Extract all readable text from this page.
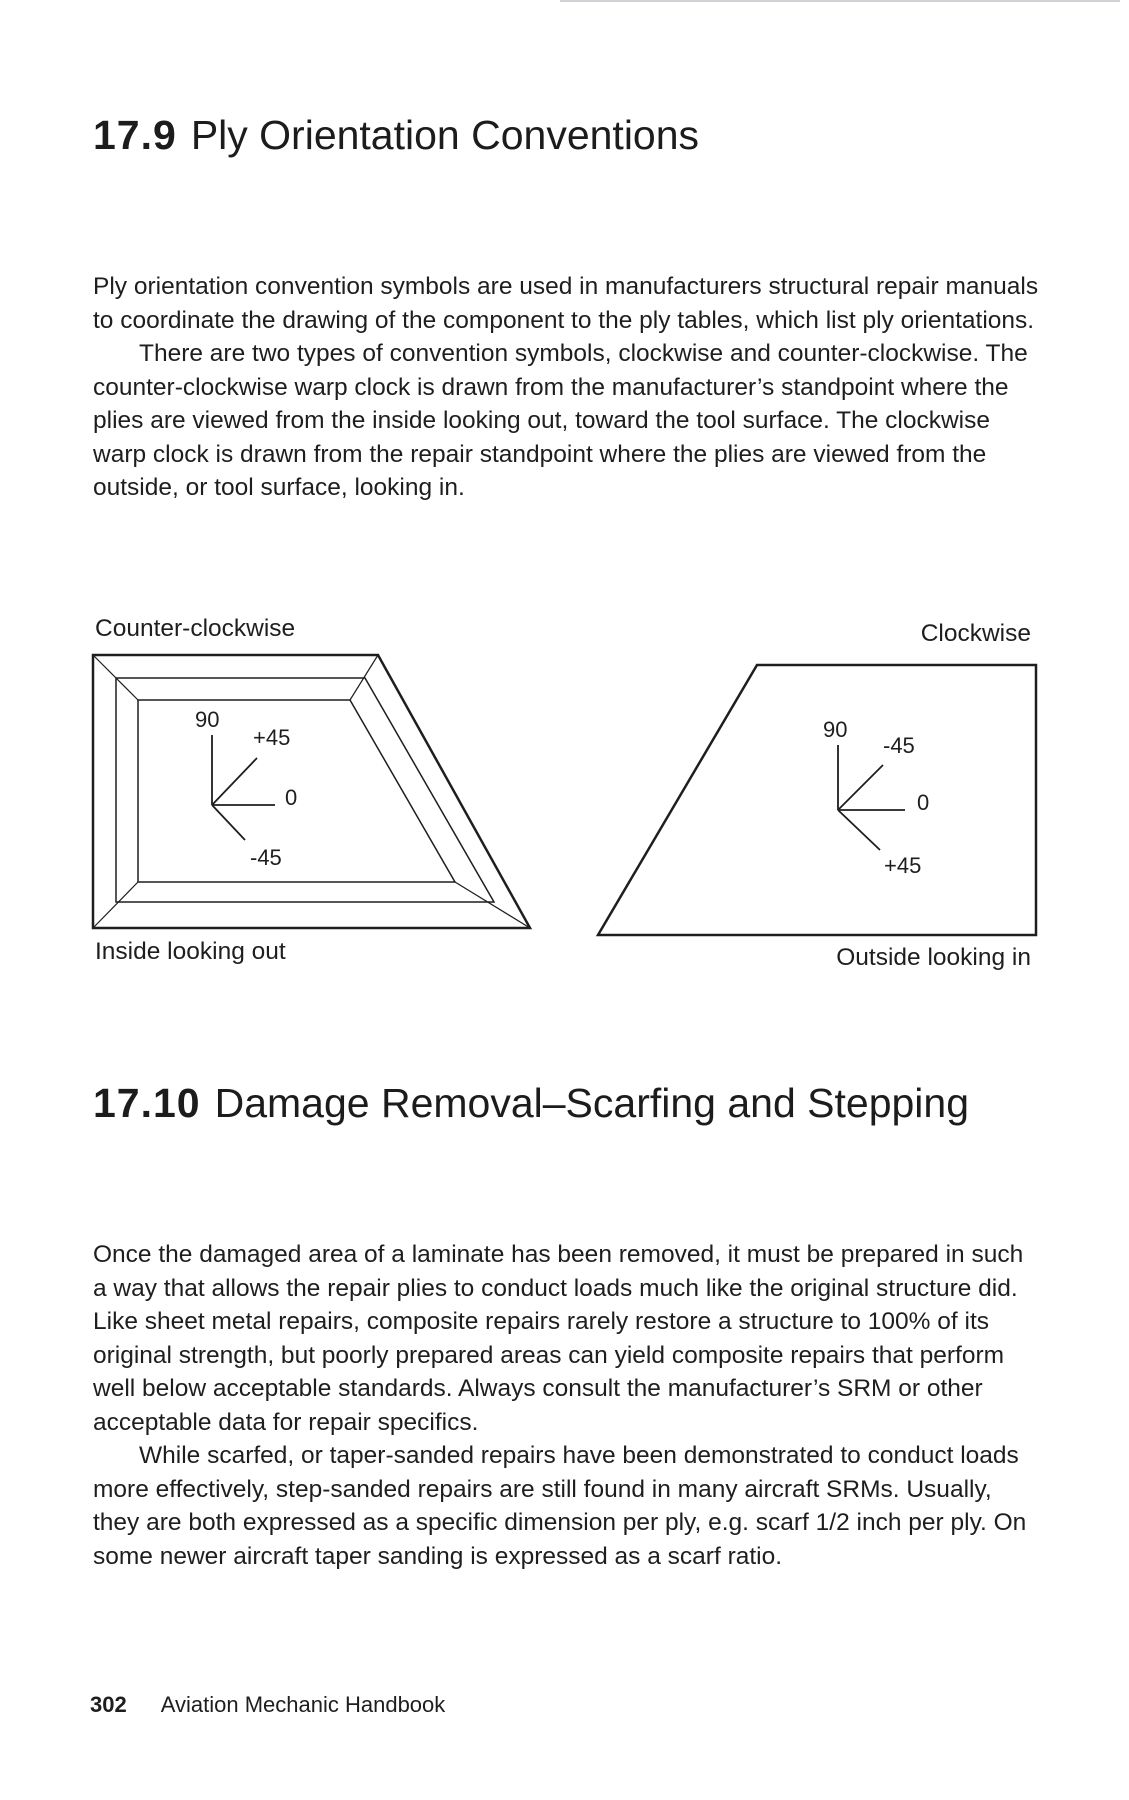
17.9 Ply Orientation Conventions

Ply orientation convention symbols are used in manufacturers structural repair manuals to coordinate the drawing of the component to the ply tables, which list ply orientations.

There are two types of convention symbols, clockwise and counter-clockwise. The counter-clockwise warp clock is drawn from the manufacturer’s standpoint where the plies are viewed from the inside looking out, toward the tool surface. The clockwise warp clock is drawn from the repair standpoint where the plies are viewed from the outside, or tool surface, looking in.

Counter-clockwise	Clockwise
90
+45
0
-45
90
-45
0
+45
Inside looking out	Outside looking in
17.10 Damage Removal–Scarfing and Stepping

Once the damaged area of a laminate has been removed, it must be prepared in such a way that allows the repair plies to conduct loads much like the original structure did. Like sheet metal repairs, composite repairs rarely restore a structure to 100% of its original strength, but poorly prepared areas can yield composite repairs that perform well below acceptable standards. Always consult the manufacturer’s SRM or other acceptable data for repair specifics.

While scarfed, or taper-sanded repairs have been demonstrated to conduct loads more effectively, step-sanded repairs are still found in many aircraft SRMs. Usually, they are both expressed as a specific dimension per ply, e.g. scarf 1/2 inch per ply. On some newer aircraft taper sanding is expressed as a scarf ratio.

302 Aviation Mechanic Handbook
